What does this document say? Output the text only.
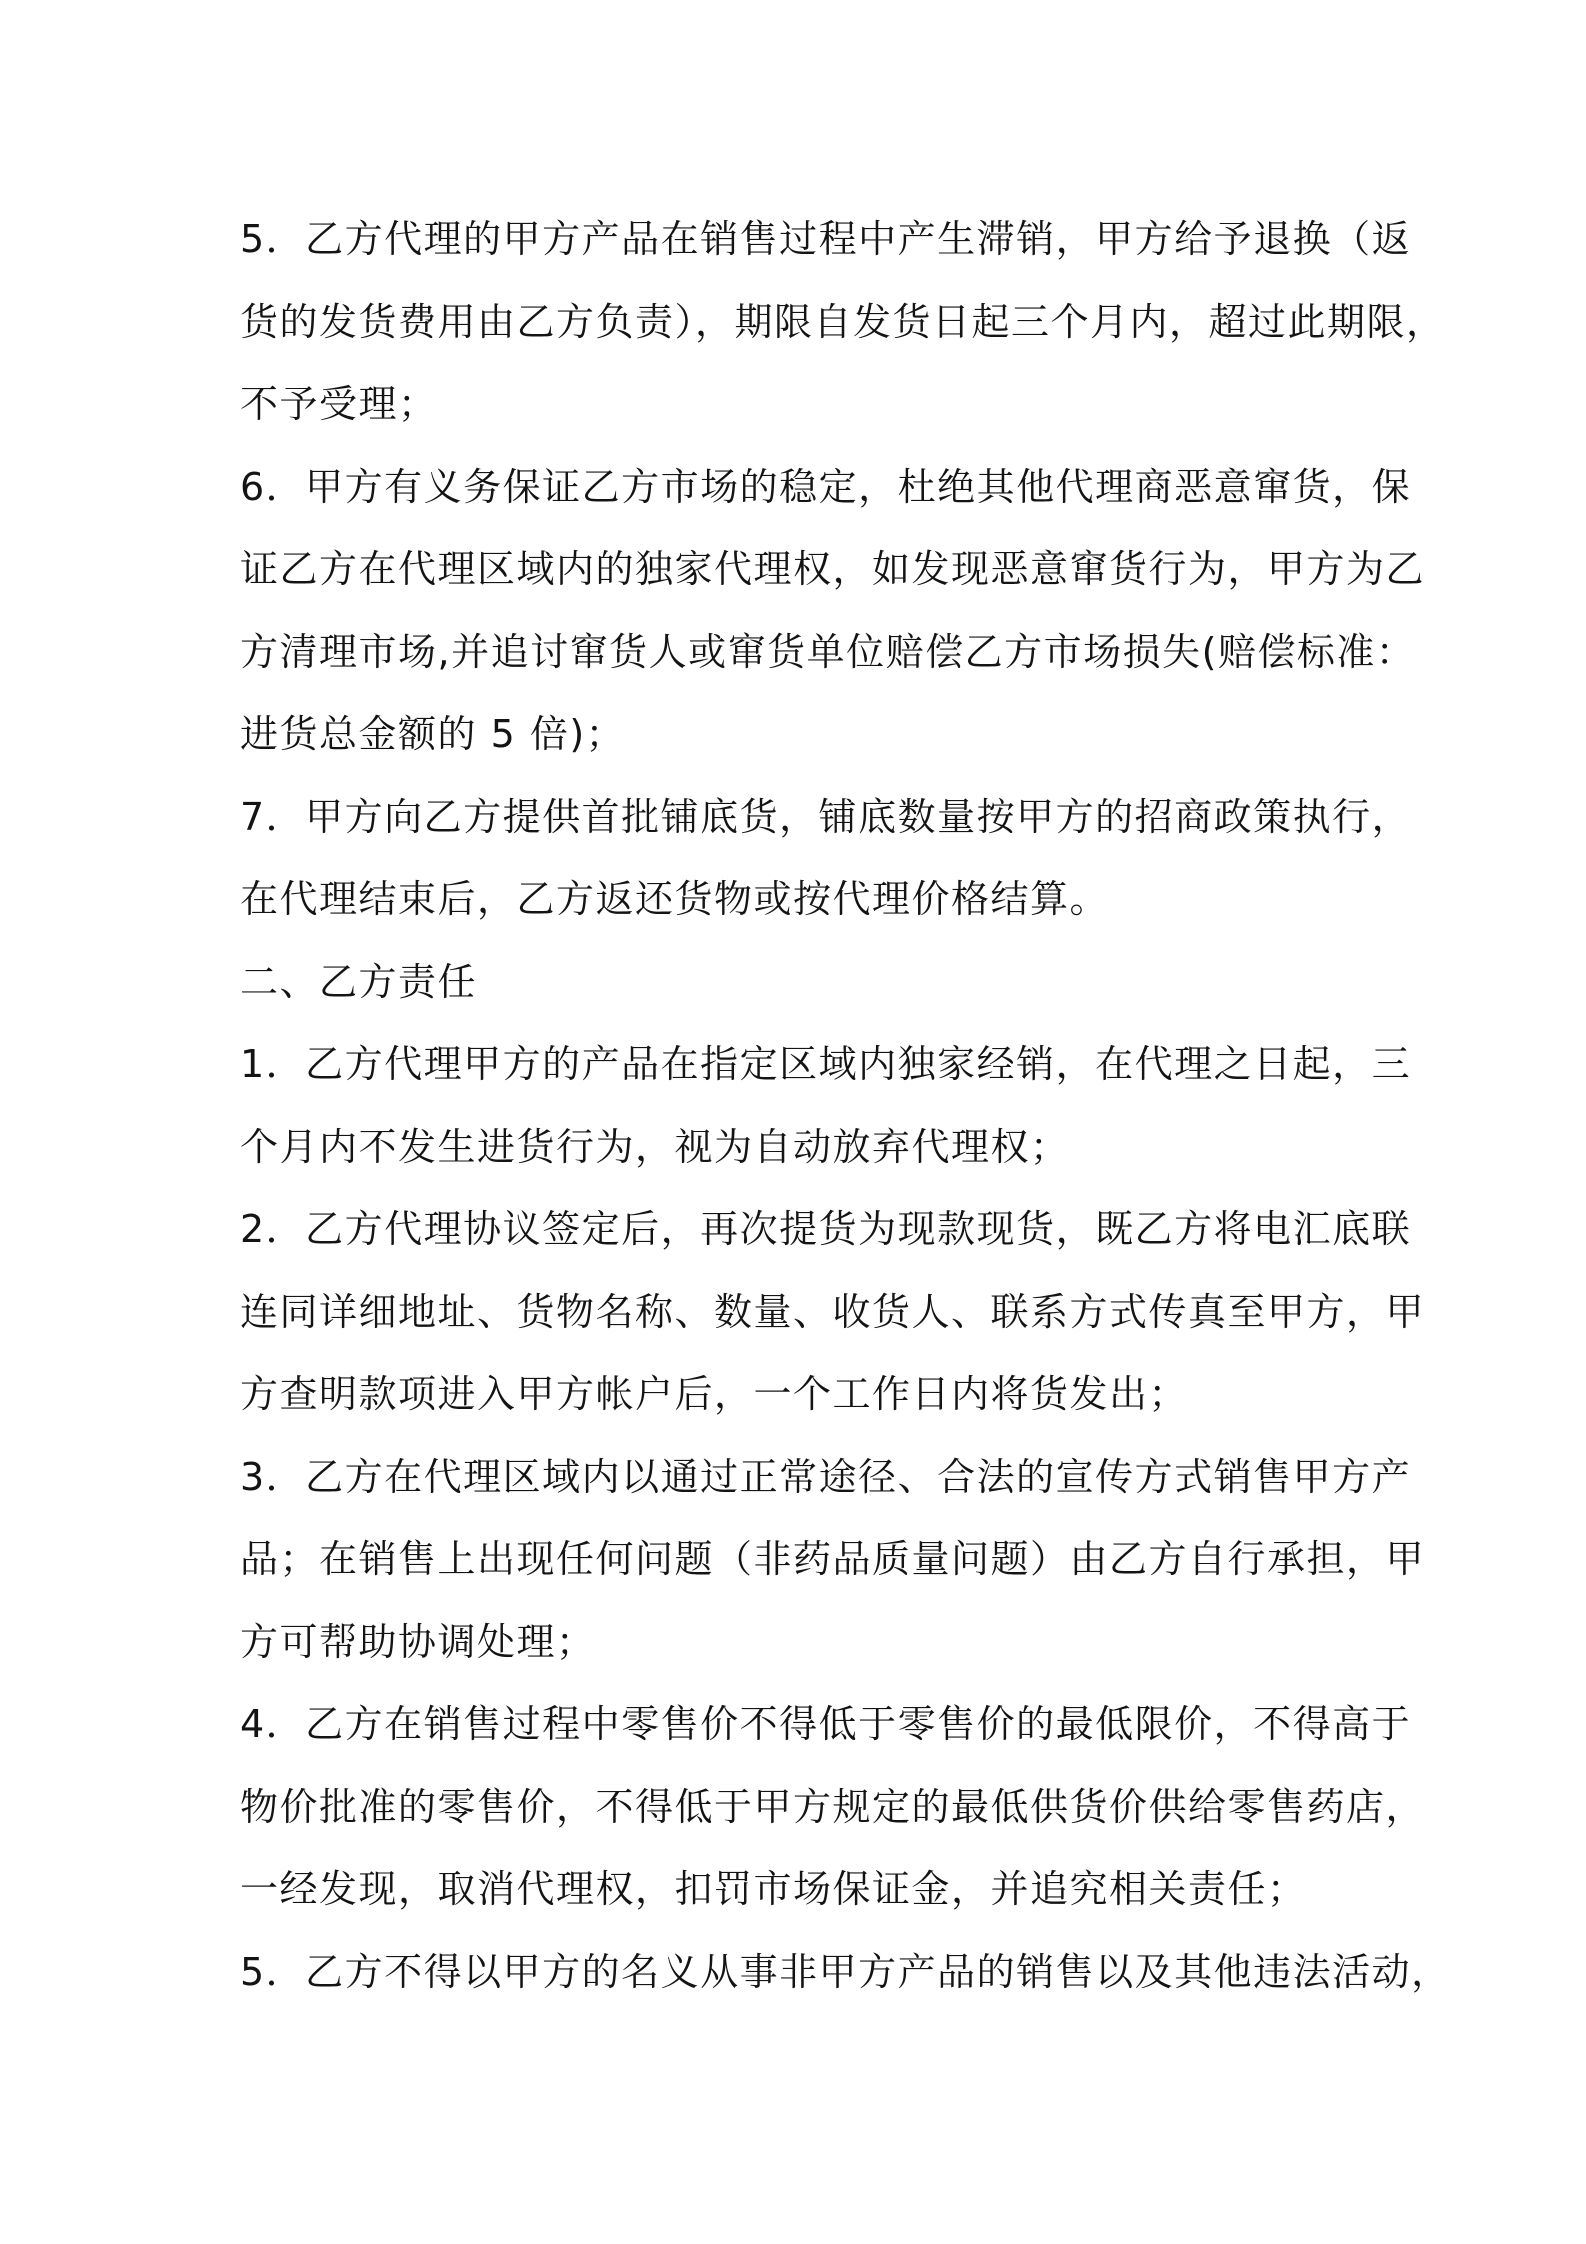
5．乙方代理的甲方产品在销售过程中产生滞销，甲方给予退换（返
货的发货费用由乙方负责），期限自发货日起三个月内，超过此期限，
不予受理；
6．甲方有义务保证乙方市场的稳定，杜绝其他代理商恶意窜货，保
证乙方在代理区域内的独家代理权，如发现恶意窜货行为，甲方为乙
方清理市场,并追讨窜货人或窜货单位赔偿乙方市场损失(赔偿标准：
进货总金额的 5 倍)；
7．甲方向乙方提供首批铺底货，铺底数量按甲方的招商政策执行，
在代理结束后，乙方返还货物或按代理价格结算。
二、乙方责任
1．乙方代理甲方的产品在指定区域内独家经销，在代理之日起，三
个月内不发生进货行为，视为自动放弃代理权；
2．乙方代理协议签定后，再次提货为现款现货，既乙方将电汇底联
连同详细地址、货物名称、数量、收货人、联系方式传真至甲方，甲
方查明款项进入甲方帐户后，一个工作日内将货发出；
3．乙方在代理区域内以通过正常途径、合法的宣传方式销售甲方产
品；在销售上出现任何问题（非药品质量问题）由乙方自行承担，甲
方可帮助协调处理；
4．乙方在销售过程中零售价不得低于零售价的最低限价，不得高于
物价批准的零售价，不得低于甲方规定的最低供货价供给零售药店，
一经发现，取消代理权，扣罚市场保证金，并追究相关责任；
5．乙方不得以甲方的名义从事非甲方产品的销售以及其他违法活动，
